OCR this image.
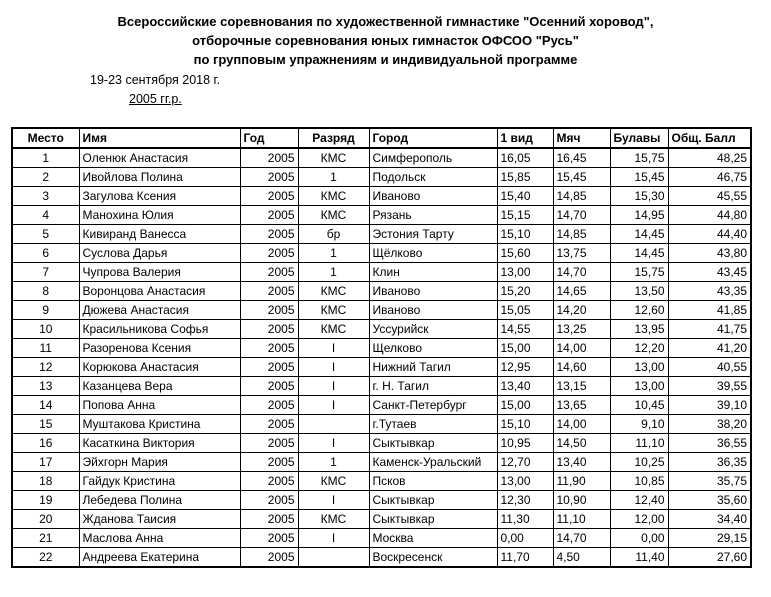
Всероссийские соревнования по художественной гимнастике "Осенний хоровод",
отборочные соревнования юных гимнасток ОФСОО "Русь"
по групповым упражнениям и индивидуальной программе
19-23 сентября 2018 г.
2005 гг.р.
Место	Имя	Год	Разряд	Город	1 вид	Мяч	Булавы	Общ. Балл
1	Оленюк Анастасия	2005	КМС	Симферополь	16,05	16,45	15,75	48,25
2	Ивойлова Полина	2005	1	Подольск	15,85	15,45	15,45	46,75
3	Загулова Ксения	2005	КМС	Иваново	15,40	14,85	15,30	45,55
4	Манохина Юлия	2005	КМС	Рязань	15,15	14,70	14,95	44,80
5	Кивиранд Ванесса	2005	бр	Эстония Тарту	15,10	14,85	14,45	44,40
6	Суслова Дарья	2005	1	Щёлково	15,60	13,75	14,45	43,80
7	Чупрова Валерия	2005	1	Клин	13,00	14,70	15,75	43,45
8	Воронцова Анастасия	2005	КМС	Иваново	15,20	14,65	13,50	43,35
9	Дюжева Анастасия	2005	КМС	Иваново	15,05	14,20	12,60	41,85
10	Красильникова Софья	2005	КМС	Уссурийск	14,55	13,25	13,95	41,75
11	Разоренова Ксения	2005	I	Щелково	15,00	14,00	12,20	41,20
12	Корюкова Анастасия	2005	I	Нижний Тагил	12,95	14,60	13,00	40,55
13	Казанцева Вера	2005	I	г. Н. Тагил	13,40	13,15	13,00	39,55
14	Попова Анна	2005	I	Санкт-Петербург	15,00	13,65	10,45	39,10
15	Муштакова Кристина	2005		г.Тутаев	15,10	14,00	9,10	38,20
16	Касаткина Виктория	2005	I	Сыктывкар	10,95	14,50	11,10	36,55
17	Эйхгорн Мария	2005	1	Каменск-Уральский	12,70	13,40	10,25	36,35
18	Гайдук Кристина	2005	КМС	Псков	13,00	11,90	10,85	35,75
19	Лебедева Полина	2005	I	Сыктывкар	12,30	10,90	12,40	35,60
20	Жданова Таисия	2005	КМС	Сыктывкар	11,30	11,10	12,00	34,40
21	Маслова Анна	2005	I	Москва	0,00	14,70	0,00	29,15
22	Андреева Екатерина	2005		Воскресенск	11,70	4,50	11,40	27,60
